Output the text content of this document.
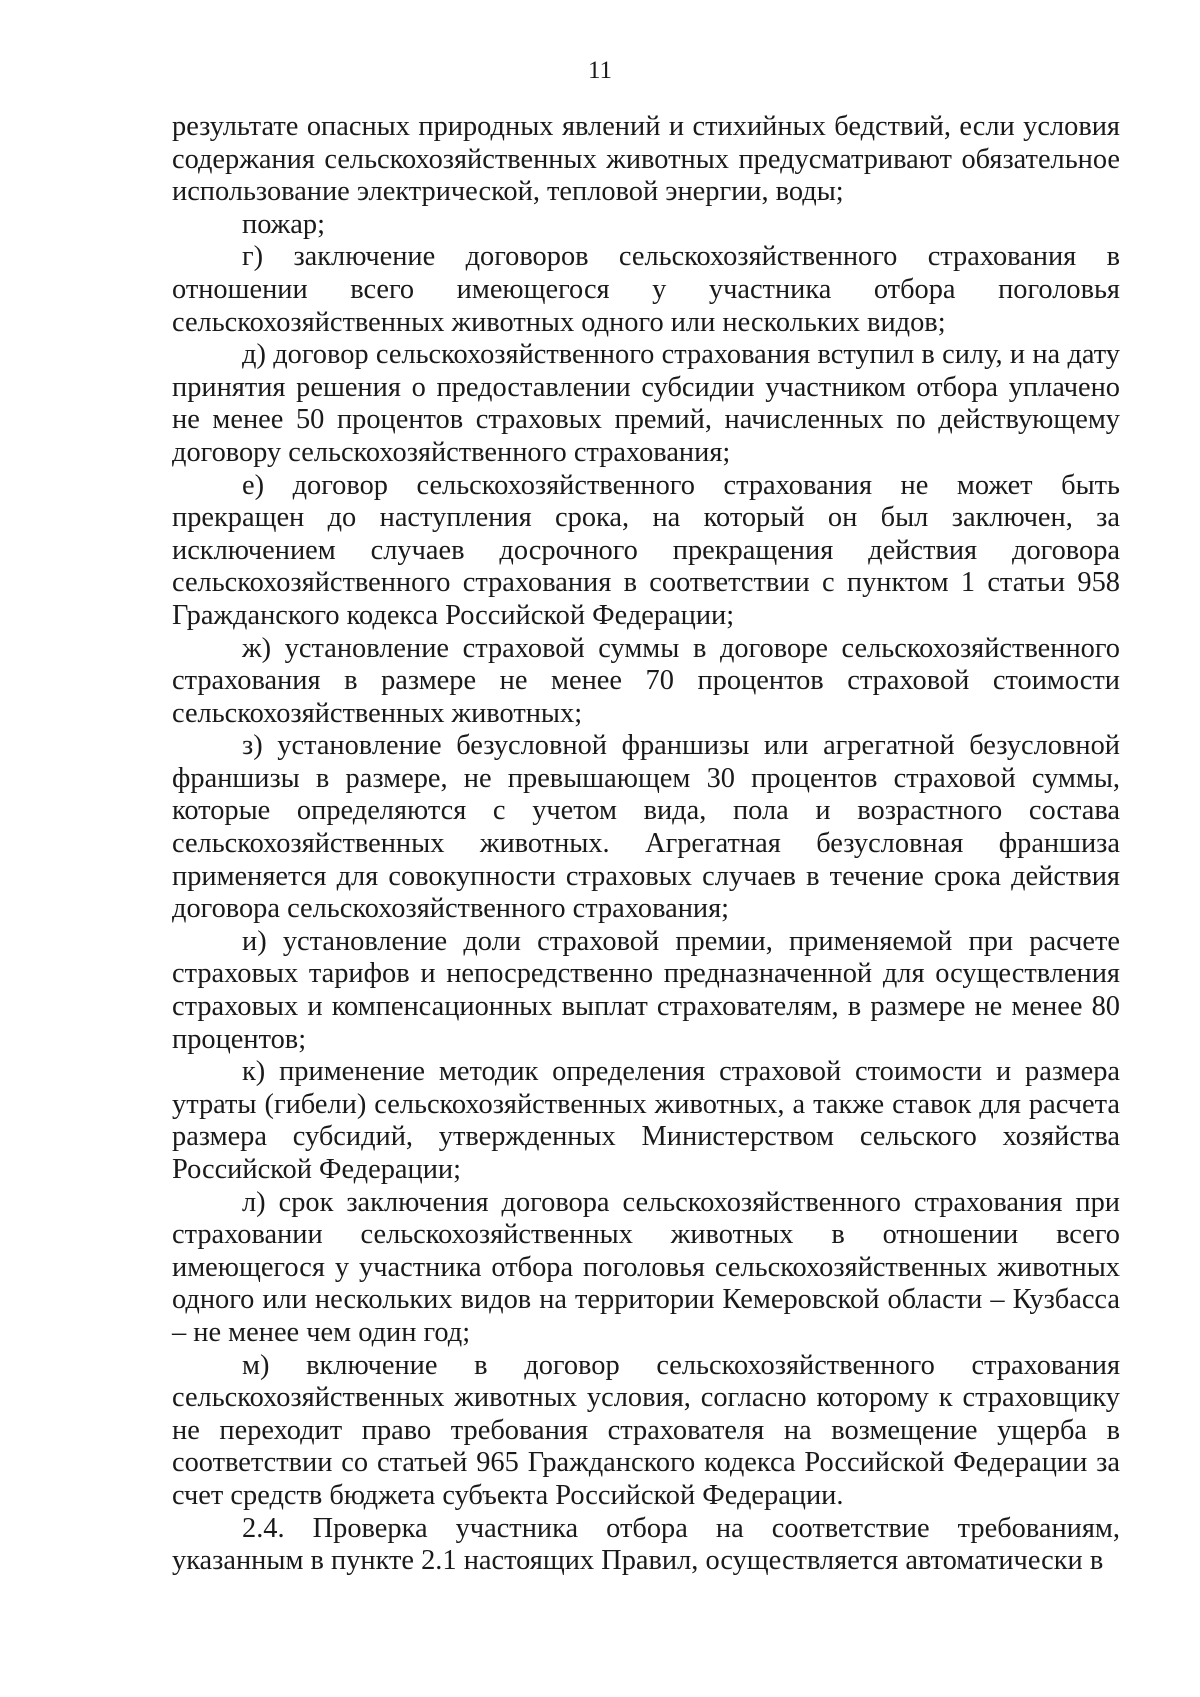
11

результате опасных природных явлений и стихийных бедствий, если условия содержания сельскохозяйственных животных предусматривают обязательное использование электрической, тепловой энергии, воды;

пожар;

г) заключение договоров сельскохозяйственного страхования в отношении всего имеющегося у участника отбора поголовья сельскохозяйственных животных одного или нескольких видов;

д) договор сельскохозяйственного страхования вступил в силу, и на дату принятия решения о предоставлении субсидии участником отбора уплачено не менее 50 процентов страховых премий, начисленных по действующему договору сельскохозяйственного страхования;

е) договор сельскохозяйственного страхования не может быть прекращен до наступления срока, на который он был заключен, за исключением случаев досрочного прекращения действия договора сельскохозяйственного страхования в соответствии с пунктом 1 статьи 958 Гражданского кодекса Российской Федерации;

ж) установление страховой суммы в договоре сельскохозяйственного страхования в размере не менее 70 процентов страховой стоимости сельскохозяйственных животных;

з) установление безусловной франшизы или агрегатной безусловной франшизы в размере, не превышающем 30 процентов страховой суммы, которые определяются с учетом вида, пола и возрастного состава сельскохозяйственных животных. Агрегатная безусловная франшиза применяется для совокупности страховых случаев в течение срока действия договора сельскохозяйственного страхования;

и) установление доли страховой премии, применяемой при расчете страховых тарифов и непосредственно предназначенной для осуществления страховых и компенсационных выплат страхователям, в размере не менее 80 процентов;

к) применение методик определения страховой стоимости и размера утраты (гибели) сельскохозяйственных животных, а также ставок для расчета размера субсидий, утвержденных Министерством сельского хозяйства Российской Федерации;

л) срок заключения договора сельскохозяйственного страхования при страховании сельскохозяйственных животных в отношении всего имеющегося у участника отбора поголовья сельскохозяйственных животных одного или нескольких видов на территории Кемеровской области – Кузбасса – не менее чем один год;

м) включение в договор сельскохозяйственного страхования сельскохозяйственных животных условия, согласно которому к страховщику не переходит право требования страхователя на возмещение ущерба в соответствии со статьей 965 Гражданского кодекса Российской Федерации за счет средств бюджета субъекта Российской Федерации.

2.4. Проверка участника отбора на соответствие требованиям, указанным в пункте 2.1 настоящих Правил, осуществляется автоматически в
